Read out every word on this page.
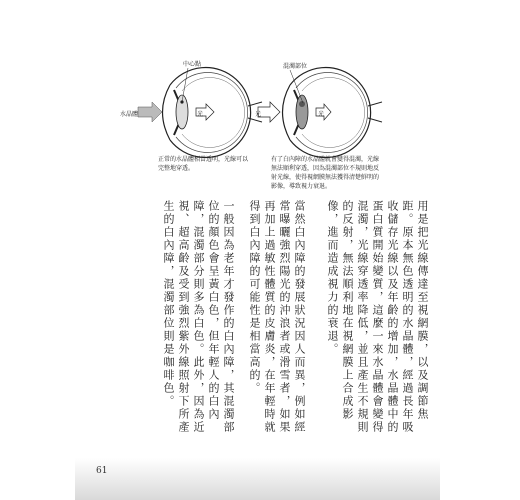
水晶體
中心點
光
混濁部位
光	光
正常的水晶體相當透明，光線可以完整地穿透。
有了白內障的水晶體就會變得混濁，光線無法順利穿透，因為混濁部位不規則地反射光線，使得視網膜無法獲得清楚鮮明的影像，導致視力衰退。

用是把光線傳達至視網膜，以及調節焦距。原本無色透明的水晶體，經過長年吸收儲存光線以及年齡的增加，水晶體中的蛋白質開始變質，這麼一來水晶體會變得混濁，光線穿透率降低，並且產生不規則的反射，無法順利地在視網膜上合成影像，進而造成視力的衰退。

當然白內障的發展狀況因人而異，例如經常曝曬強烈陽光的沖浪者或滑雪者，如果再加上過敏性體質的皮膚炎，在年輕時就得到白內障的可能性是相當高的。

一般因為老年才發作的白內障，其混濁部位的顏色會呈黃白色，但年輕人的白內障，混濁部分則多為白色。此外，因為近視、超高齡及受到強烈紫外線照射下所產生的白內障，混濁部位則是咖啡色。

61
